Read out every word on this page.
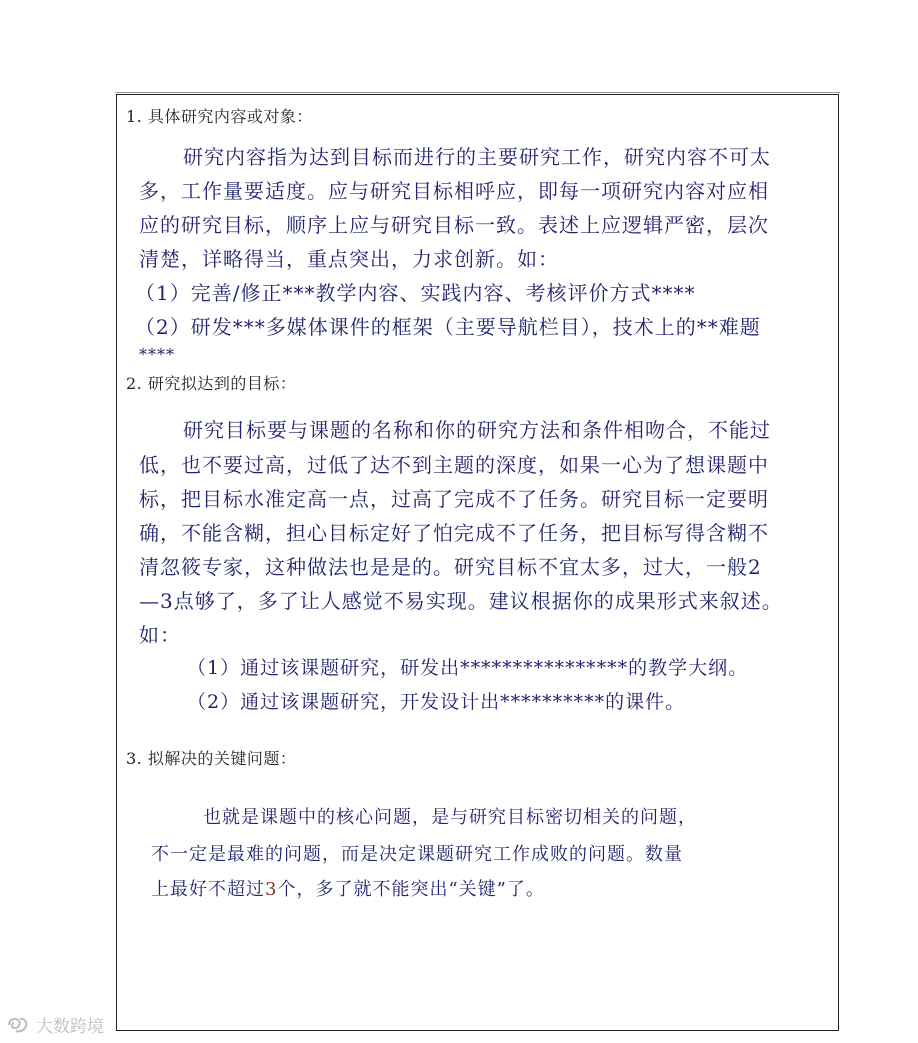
1. 具体研究内容或对象：
研究内容指为达到目标而进行的主要研究工作，研究内容不可太
多，工作量要适度。应与研究目标相呼应，即每一项研究内容对应相
应的研究目标，顺序上应与研究目标一致。表述上应逻辑严密，层次
清楚，详略得当，重点突出，力求创新。如：
（1）完善/修正***教学内容、实践内容、考核评价方式****
（2）研发***多媒体课件的框架（主要导航栏目），技术上的**难题
****
2. 研究拟达到的目标：
研究目标要与课题的名称和你的研究方法和条件相吻合，不能过
低，也不要过高，过低了达不到主题的深度，如果一心为了想课题中
标，把目标水准定高一点，过高了完成不了任务。研究目标一定要明
确，不能含糊，担心目标定好了怕完成不了任务，把目标写得含糊不
清忽筱专家，这种做法也是是的。研究目标不宜太多，过大，一般2
—3点够了，多了让人感觉不易实现。建议根据你的成果形式来叙述。
如：
（1）通过该课题研究，研发出****************的教学大纲。
（2）通过该课题研究，开发设计出**********的课件。
3. 拟解决的关键问题：
也就是课题中的核心问题，是与研究目标密切相关的问题，
不一定是最难的问题，而是决定课题研究工作成败的问题。数量
上最好不超过3个，多了就不能突出“关键”了。
大数跨境
